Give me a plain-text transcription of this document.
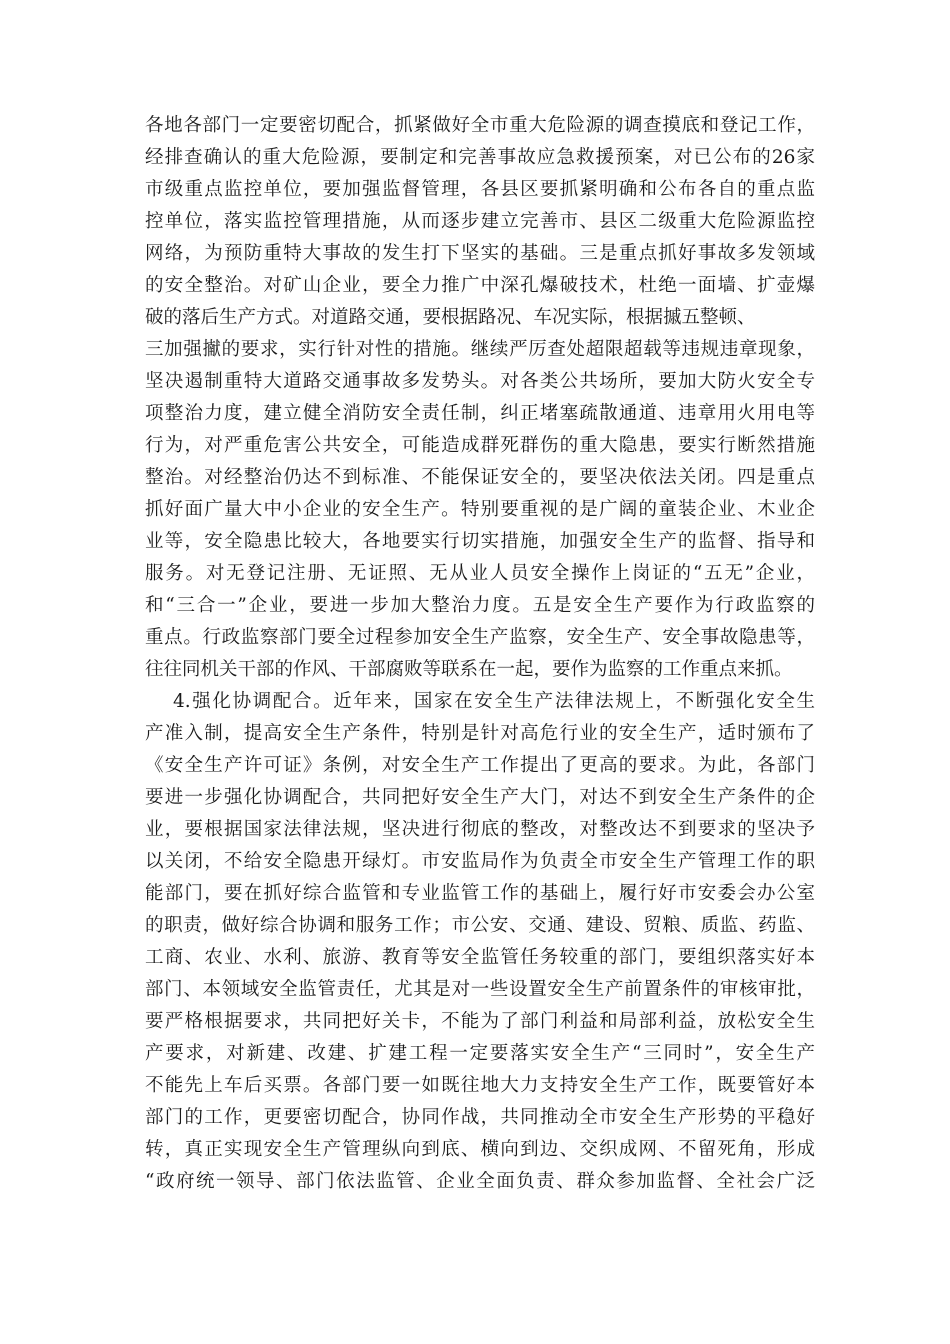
各地各部门一定要密切配合，抓紧做好全市重大危险源的调查摸底和登记工作，
经排查确认的重大危险源，要制定和完善事故应急救援预案，对已公布的26家
市级重点监控单位，要加强监督管理，各县区要抓紧明确和公布各自的重点监
控单位，落实监控管理措施，从而逐步建立完善市、县区二级重大危险源监控
网络，为预防重特大事故的发生打下坚实的基础。三是重点抓好事故多发领域
的安全整治。对矿山企业，要全力推广中深孔爆破技术，杜绝一面墙、扩壶爆
破的落后生产方式。对道路交通，要根据路况、车况实际，根据摵五整顿、
三加强擜的要求，实行针对性的措施。继续严厉查处超限超载等违规违章现象，
坚决遏制重特大道路交通事故多发势头。对各类公共场所，要加大防火安全专
项整治力度，建立健全消防安全责任制，纠正堵塞疏散通道、违章用火用电等
行为，对严重危害公共安全，可能造成群死群伤的重大隐患，要实行断然措施
整治。对经整治仍达不到标准、不能保证安全的，要坚决依法关闭。四是重点
抓好面广量大中小企业的安全生产。特别要重视的是广阔的童装企业、木业企
业等，安全隐患比较大，各地要实行切实措施，加强安全生产的监督、指导和
服务。对无登记注册、无证照、无从业人员安全操作上岗证的“五无”企业，
和“三合一”企业，要进一步加大整治力度。五是安全生产要作为行政监察的
重点。行政监察部门要全过程参加安全生产监察，安全生产、安全事故隐患等，
往往同机关干部的作风、干部腐败等联系在一起，要作为监察的工作重点来抓。
4.强化协调配合。近年来，国家在安全生产法律法规上，不断强化安全生
产准入制，提高安全生产条件，特别是针对高危行业的安全生产，适时颁布了
《安全生产许可证》条例，对安全生产工作提出了更高的要求。为此，各部门
要进一步强化协调配合，共同把好安全生产大门，对达不到安全生产条件的企
业，要根据国家法律法规，坚决进行彻底的整改，对整改达不到要求的坚决予
以关闭，不给安全隐患开绿灯。市安监局作为负责全市安全生产管理工作的职
能部门，要在抓好综合监管和专业监管工作的基础上，履行好市安委会办公室
的职责，做好综合协调和服务工作；市公安、交通、建设、贸粮、质监、药监、
工商、农业、水利、旅游、教育等安全监管任务较重的部门，要组织落实好本
部门、本领域安全监管责任，尤其是对一些设置安全生产前置条件的审核审批，
要严格根据要求，共同把好关卡，不能为了部门利益和局部利益，放松安全生
产要求，对新建、改建、扩建工程一定要落实安全生产“三同时”，安全生产
不能先上车后买票。各部门要一如既往地大力支持安全生产工作，既要管好本
部门的工作，更要密切配合，协同作战，共同推动全市安全生产形势的平稳好
转，真正实现安全生产管理纵向到底、横向到边、交织成网、不留死角，形成
“政府统一领导、部门依法监管、企业全面负责、群众参加监督、全社会广泛
